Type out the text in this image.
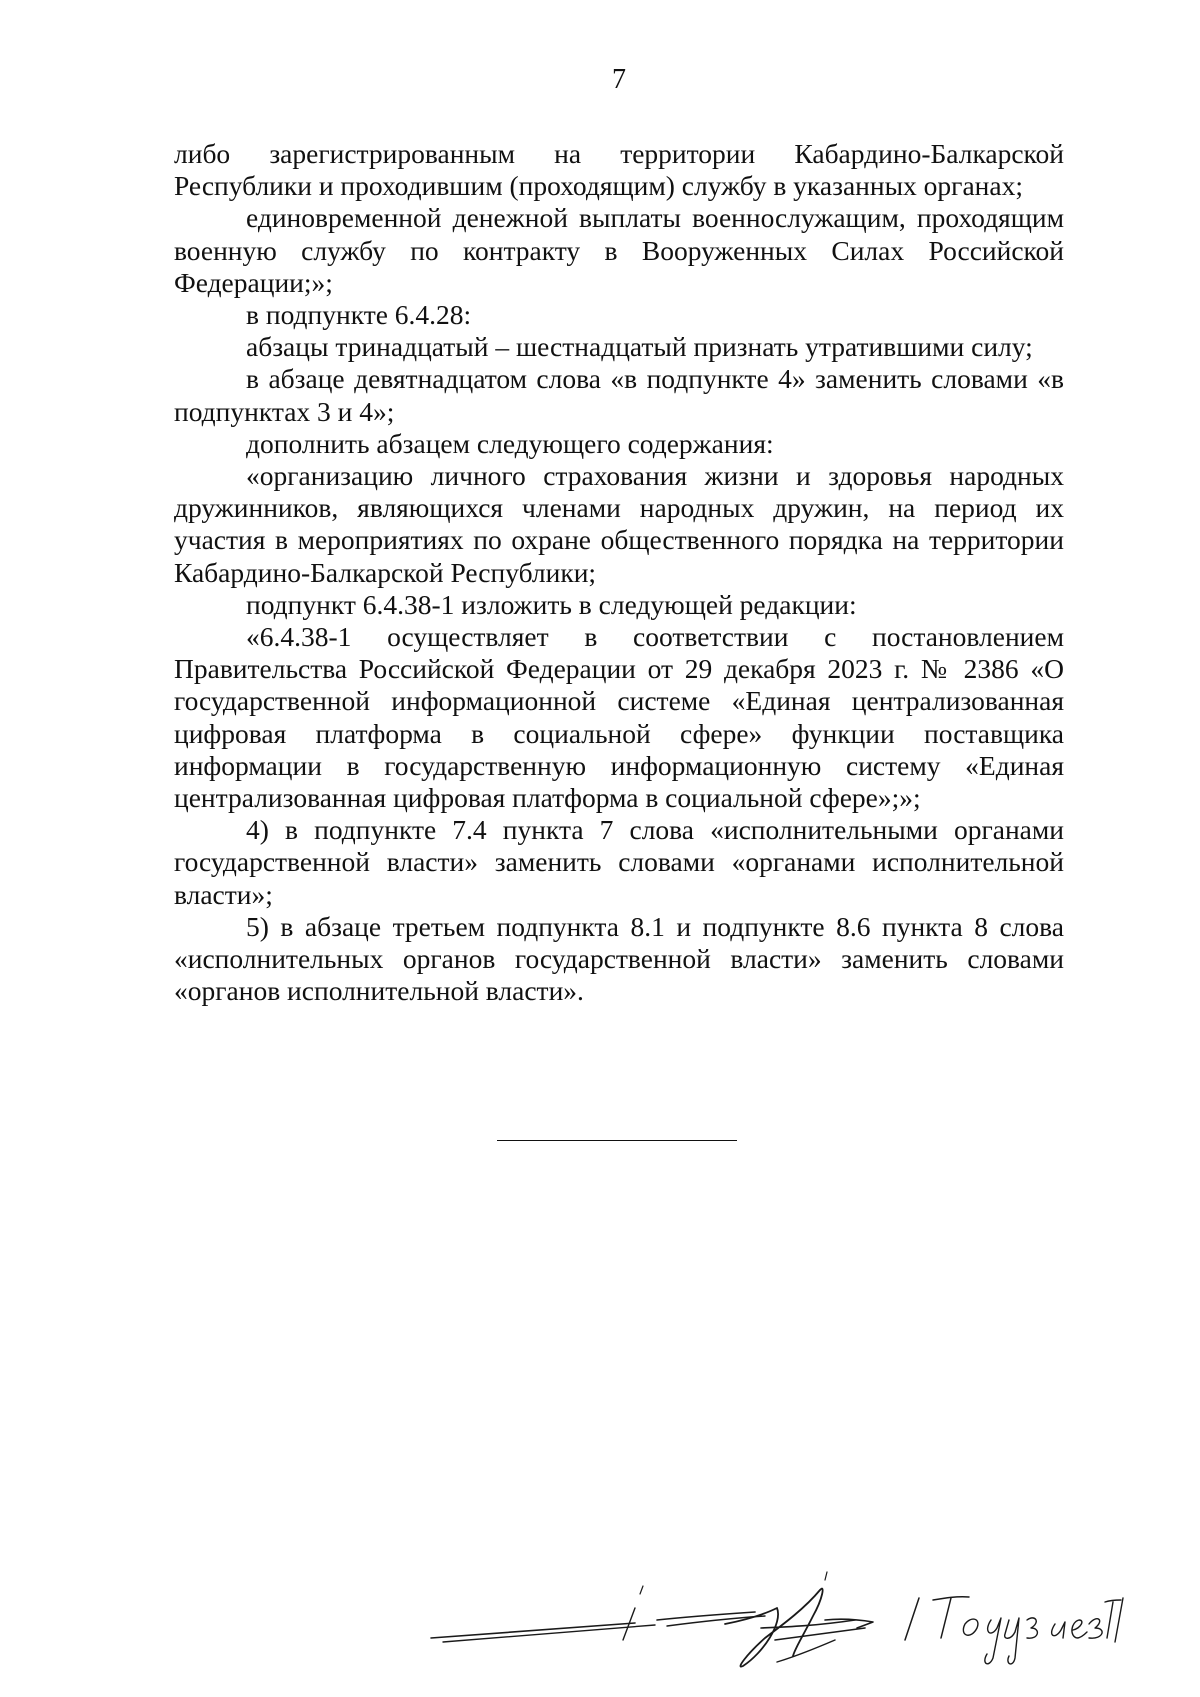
7

либо зарегистрированным на территории Кабардино-Балкарской Республики и проходившим (проходящим) службу в указанных органах;

единовременной денежной выплаты военнослужащим, проходящим военную службу по контракту в Вооруженных Силах Российской Федерации;»;

в подпункте 6.4.28:

абзацы тринадцатый – шестнадцатый признать утратившими силу;

в абзаце девятнадцатом слова «в подпункте 4» заменить словами «в подпунктах 3 и 4»;

дополнить абзацем следующего содержания:

«организацию личного страхования жизни и здоровья народных дружинников, являющихся членами народных дружин, на период их участия в мероприятиях по охране общественного порядка на территории Кабардино-Балкарской Республики;

подпункт 6.4.38-1 изложить в следующей редакции:

«6.4.38-1 осуществляет в соответствии с постановлением Правительства Российской Федерации от 29 декабря 2023 г. № 2386 «О государственной информационной системе «Единая централизованная цифровая платформа в социальной сфере» функции поставщика информации в государственную информационную систему «Единая централизованная цифровая платформа в социальной сфере»;»;

4) в подпункте 7.4 пункта 7 слова «исполнительными органами государственной власти» заменить словами «органами исполнительной власти»;

5) в абзаце третьем подпункта 8.1 и подпункте 8.6 пункта 8 слова «исполнительных органов государственной власти» заменить словами «органов исполнительной власти».
